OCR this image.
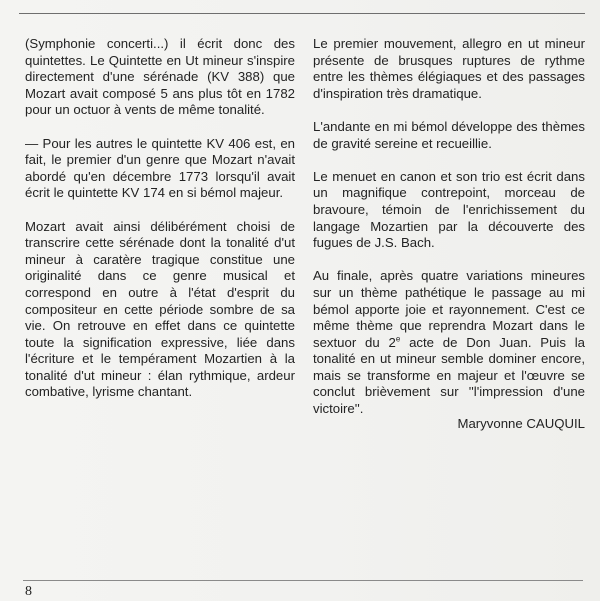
(Symphonie concerti...) il écrit donc des quintettes. Le Quintette en Ut mineur s'inspire directement d'une sérénade (KV 388) que Mozart avait composé 5 ans plus tôt en 1782 pour un octuor à vents de même tonalité.

— Pour les autres le quintette KV 406 est, en fait, le premier d'un genre que Mozart n'avait abordé qu'en décembre 1773 lorsqu'il avait écrit le quintette KV 174 en si bémol majeur.

Mozart avait ainsi délibérément choisi de transcrire cette sérénade dont la tonalité d'ut mineur à caratère tragique constitue une originalité dans ce genre musical et correspond en outre à l'état d'esprit du compositeur en cette période sombre de sa vie. On retrouve en effet dans ce quintette toute la signification expressive, liée dans l'écriture et le tempérament Mozartien à la tonalité d'ut mineur : élan rythmique, ardeur combative, lyrisme chantant.

Le premier mouvement, allegro en ut mineur présente de brusques ruptures de rythme entre les thèmes élégiaques et des passages d'inspiration très dramatique.

L'andante en mi bémol développe des thèmes de gravité sereine et recueillie.

Le menuet en canon et son trio est écrit dans un magnifique contrepoint, morceau de bravoure, témoin de l'enrichissement du langage Mozartien par la découverte des fugues de J.S. Bach.

Au finale, après quatre variations mineures sur un thème pathétique le passage au mi bémol apporte joie et rayonnement. C'est ce même thème que reprendra Mozart dans le sextuor du 2e acte de Don Juan. Puis la tonalité en ut mineur semble dominer encore, mais se transforme en majeur et l'œuvre se conclut brièvement sur ''l'impression d'une victoire''.

Maryvonne CAUQUIL
8
